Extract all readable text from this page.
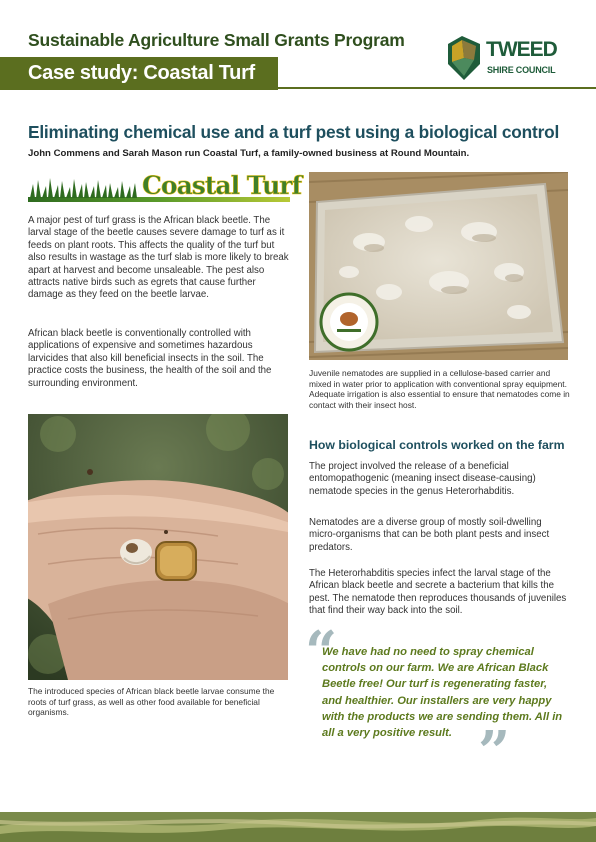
Sustainable Agriculture Small Grants Program
Case study: Coastal Turf
TWEED
SHIRE COUNCIL
Eliminating chemical use and a turf pest using a biological control
John Commens and Sarah Mason run Coastal Turf, a family-owned business at Round Mountain.
Coastal Turf
A major pest of turf grass is the African black beetle. The larval stage of the beetle causes severe damage to turf as it feeds on plant roots. This affects the quality of the turf but also results in wastage as the turf slab is more likely to break apart at harvest and become unsaleable. The pest also attracts native birds such as egrets that cause further damage as they feed on the beetle larvae.
African black beetle is conventionally controlled with applications of expensive and sometimes hazardous larvicides that also kill beneficial insects in the soil. The practice costs the business, the health of the soil and the surrounding environment.
Juvenile nematodes are supplied in a cellulose-based carrier and mixed in water prior to application with conventional spray equipment. Adequate irrigation is also essential to ensure that nematodes come in contact with their insect host.
The introduced species of African black beetle larvae consume the roots of turf grass, as well as other food available for beneficial organisms.
How biological controls worked on the farm
The project involved the release of a beneficial entomopathogenic (meaning insect disease-causing) nematode species in the genus Heterorhabditis.
Nematodes are a diverse group of mostly soil-dwelling micro-organisms that can be both plant pests and insect predators.
The Heterorhabditis species infect the larval stage of the African black beetle and secrete a bacterium that kills the pest. The nematode then reproduces thousands of juveniles that find their way back into the soil.
“
We have had no need to spray chemical controls on our farm. We are African Black Beetle free! Our turf is regenerating faster, and healthier. Our installers are very happy with the products we are sending them. All in all a very positive result. ”
